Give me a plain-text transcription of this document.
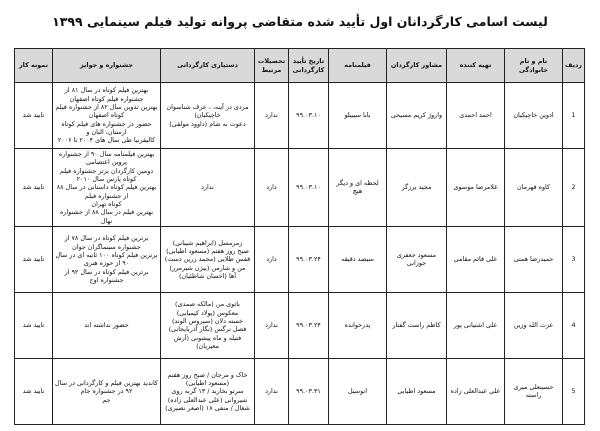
لیست اسامی کارگردانان اول تأیید شده متقاضی پروانه تولید فیلم سینمایی ۱۳۹۹
ردیف	نام و نام خانوادگی	تهیه کننده	مشاور کارگردان	فیلمنامه	تاریخ تأیید کارگردانی	تحصیلات مرتبط	دستیاری کارگردانی	جشنواره و جوایز	نمونه کار
1	ادوین خاچیکیان	احمد احمدی	واروژ کریم مسیحی	بابا سیبیلو	۹۹.۰۳.۱۰	ندارد	مردی در آینه، ، عرف شناسوان خاچیکیان)
دعوت به شام (داوود مولفی)	بهترین فیلم کوتاه در سال ۸۱ از جشنواره فیلم کوتاه اصفهان
بهترین تدوین سال ۸۲ از جشنواره فیلم کوتاه اصفهان
حضور در جشنواره های فیلم کوتاه ارستان، النان و
کالیفرنیا طی سال های ۲۰۰۴ تا ۲۰۰۶	تایید شد
2	کاوه قهرمان	غلامرضا موسوی	مجید برزگر	لحظه ای و دیگر هیچ	۹۹.۰۳.۱۰	دارد	ندارد	بهترین فیلمنامه سال ۹۰ از جشنواره پروین اعتصامی
دومین کارگردان برتر جشنواره فیلم کوتاه پارس سال ۲۰۱۰
بهترین فیلم کوتاه داستانی در سال ۸۸ از جشنواره فیلم
کوتاه تهران
بهترین فیلم در سال ۸۸ از جشنواره نهال	تایید شد
3	حمیدرضا همتی	علی قائم مقامی	مسعود جعفری جوزانی	سیصد دقیقه	۹۹.۰۳.۲۴	دارد	زمرمسل (ابراهیم شیبانی)
صبح روز هفتم (مسعود اطیابی)
قفس طلایی (محمد زرین دست)
من و شارمن (بیژن شیرمرز)
آها (احسان شاطئیان)	برترین فیلم کوتاه در سال ۷۸ از جشنواره سینماگران جوان
برترین فیلم کوتاه ۱۰۰ ثانیه ای در سال ۹۰ از حوزه هنری
برترین فیلم کوتاه در سال ۹۲ از جشنواره اوج	تایید شد
4	عزت الله وزین	علی اشتیانی پور	کاظم راست گفتار	پدرخوانده	۹۹.۰۳.۲۴	ندارد	باتوی من (مالکه صمدی)
معکوس (پولاد کیمیایی)
خسته دلان (سیروس الوند)
فصل نرگس (نگار آذربایجانی)
فتیله و ماه پیشونی (آرش معیریان)	حضور نداشته اند	تایید شد
5	حسینعلی میری راسته	علی عبدالعلی زاده	مسعود اطیابی	اتوسیل	۹۹.۰۳.۳۱	ندارد	خاک و مرجان / صبح روز هفتم (مسعود اطیابی)
سرتو بخارید / ۱۳ گربه روی شیروانی (علی عبدالعلی زاده)
شغال / منفی ۱۸ (اصغر نصیری)	کاندید بهترین فیلم و کارگردانی در سال ۹۲ در جشنواره جام
جم	تایید شد
